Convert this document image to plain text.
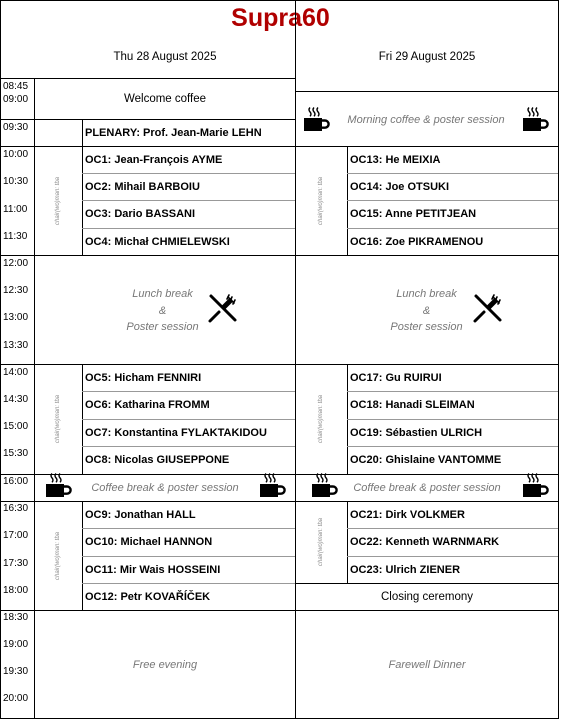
Supra60
Thu 28 August 2025	Fri 29 August 2025
08:45
09:00
09:30
10:00
10:30
11:00
11:30
12:00
12:30
13:00
13:30
14:00
14:30
15:00
15:30
16:00
16:30
17:00
17:30
18:00
18:30
19:00
19:30
20:00
Welcome coffee
PLENARY: Prof. Jean-Marie LEHN
chair(wo)man: tba
OC1: Jean-François AYME
OC2: Mihail BARBOIU
OC3: Dario BASSANI
OC4: Michał CHMIELEWSKI
Lunch break
&
Poster session
chair(wo)man: tba
OC5: Hicham FENNIRI
OC6: Katharina FROMM
OC7: Konstantina FYLAKTAKIDOU
OC8: Nicolas GIUSEPPONE
Coffee break & poster session
chair(wo)man: tba
OC9: Jonathan HALL
OC10: Michael HANNON
OC11: Mir Wais HOSSEINI
OC12: Petr KOVAŘÍČEK
Free evening
Morning coffee & poster session
chair(wo)man: tba
OC13: He MEIXIA
OC14: Joe OTSUKI
OC15: Anne PETITJEAN
OC16: Zoe PIKRAMENOU
Lunch break
&
Poster session
chair(wo)man: tba
OC17: Gu RUIRUI
OC18: Hanadi SLEIMAN
OC19: Sébastien ULRICH
OC20: Ghislaine VANTOMME
Coffee break & poster session
chair(wo)man: tba
OC21: Dirk VOLKMER
OC22: Kenneth WARNMARK
OC23: Ulrich ZIENER
Closing ceremony
Farewell Dinner
